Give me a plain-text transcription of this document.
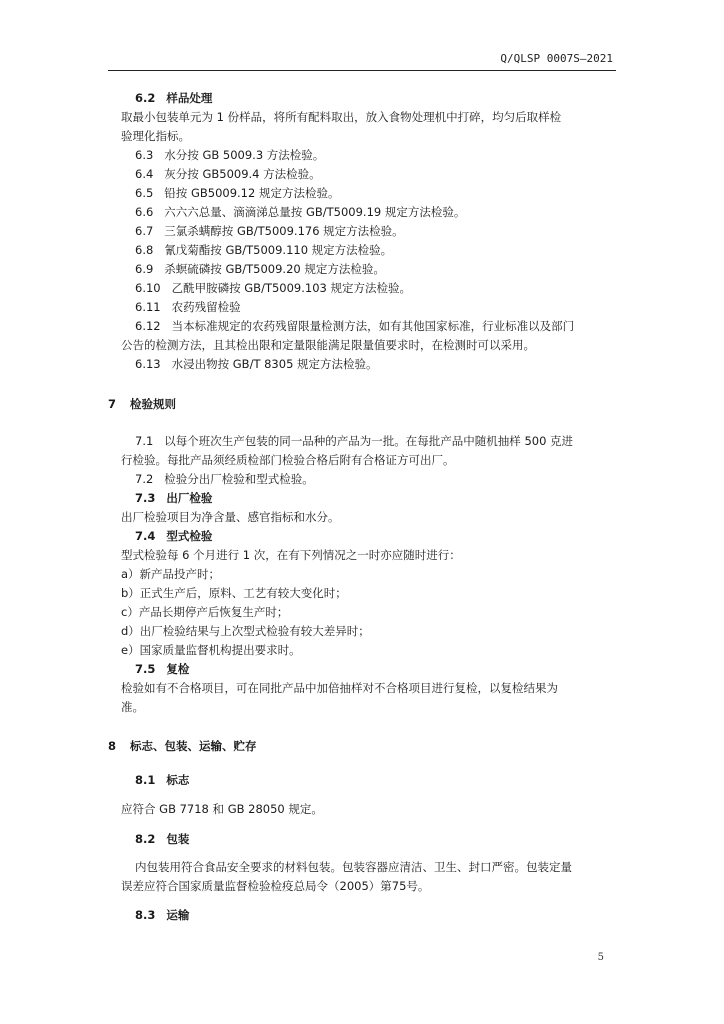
Q/QLSP 0007S—2021
6.2 样品处理
取最小包装单元为 1 份样品，将所有配料取出，放入食物处理机中打碎，均匀后取样检
验理化指标。
6.3 水分按 GB 5009.3 方法检验。
6.4 灰分按 GB5009.4 方法检验。
6.5 铅按 GB5009.12 规定方法检验。
6.6 六六六总量、滴滴涕总量按 GB/T5009.19 规定方法检验。
6.7 三氯杀螨醇按 GB/T5009.176 规定方法检验。
6.8 氰戊菊酯按 GB/T5009.110 规定方法检验。
6.9 杀螟硫磷按 GB/T5009.20 规定方法检验。
6.10 乙酰甲胺磷按 GB/T5009.103 规定方法检验。
6.11 农药残留检验
6.12 当本标准规定的农药残留限量检测方法，如有其他国家标准，行业标准以及部门
公告的检测方法，且其检出限和定量限能满足限量值要求时，在检测时可以采用。
6.13 水浸出物按 GB/T 8305 规定方法检验。
7 检验规则
7.1 以每个班次生产包装的同一品种的产品为一批。在每批产品中随机抽样 500 克进
行检验。每批产品须经质检部门检验合格后附有合格证方可出厂。
7.2 检验分出厂检验和型式检验。
7.3 出厂检验
出厂检验项目为净含量、感官指标和水分。
7.4 型式检验
型式检验每 6 个月进行 1 次，在有下列情况之一时亦应随时进行：
a）新产品投产时；
b）正式生产后，原料、工艺有较大变化时；
c）产品长期停产后恢复生产时；
d）出厂检验结果与上次型式检验有较大差异时；
e）国家质量监督机构提出要求时。
7.5 复检
检验如有不合格项目，可在同批产品中加倍抽样对不合格项目进行复检，以复检结果为
准。
8 标志、包装、运输、贮存
8.1 标志
应符合 GB 7718 和 GB 28050 规定。
8.2 包装
内包装用符合食品安全要求的材料包装。包装容器应清洁、卫生、封口严密。包装定量
误差应符合国家质量监督检验检疫总局令（2005）第75号。
8.3 运输
5
